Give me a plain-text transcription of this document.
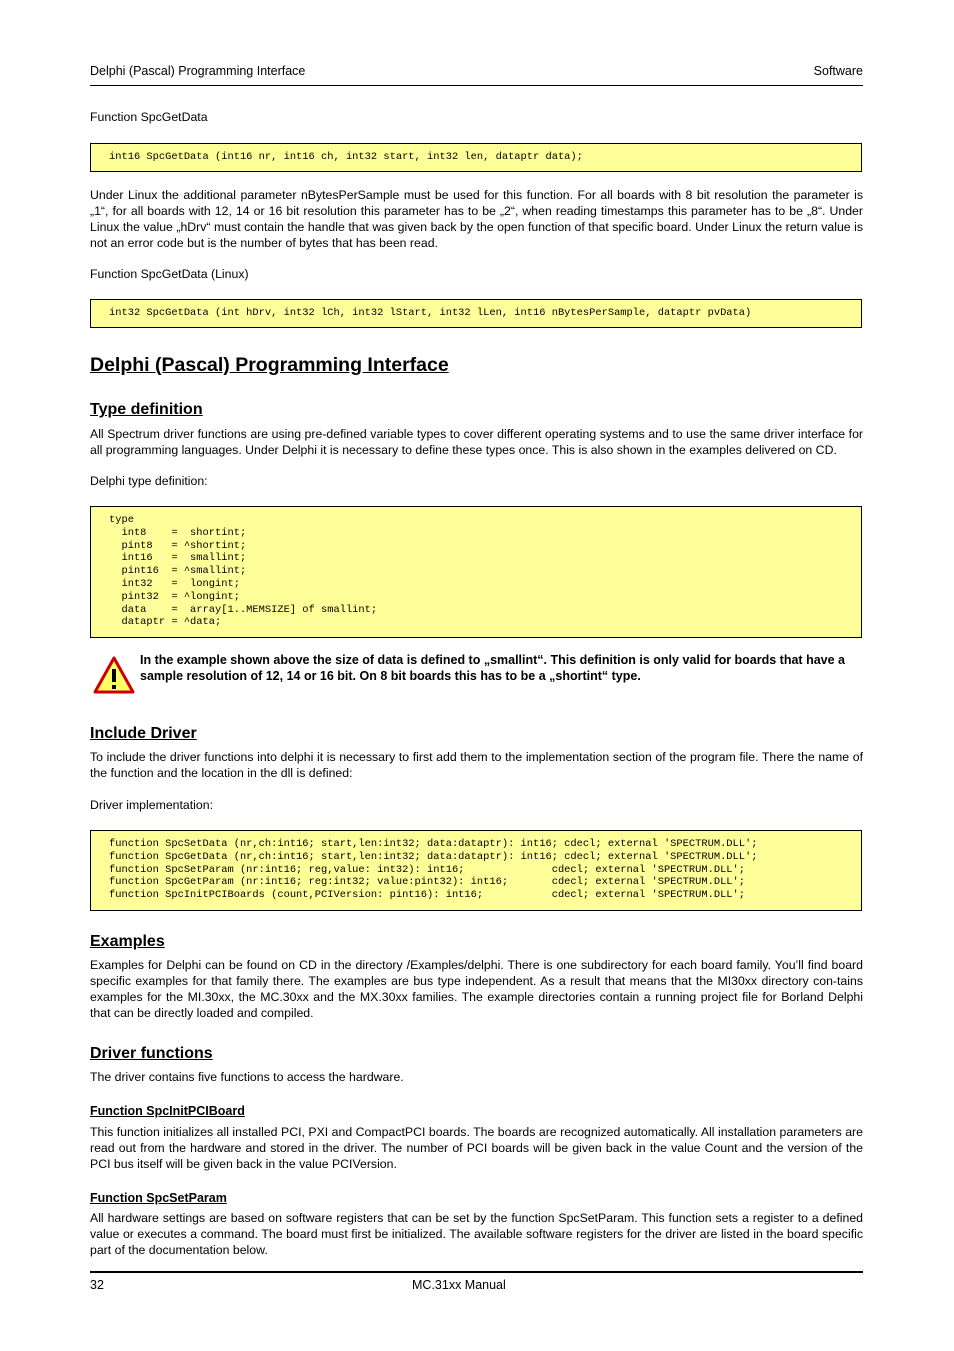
Delphi (Pascal) Programming Interface	Software
Function SpcGetData
int16 SpcGetData (int16 nr, int16 ch, int32 start, int32 len, dataptr data);
Under Linux the additional parameter nBytesPerSample must be used for this function. For all boards with 8 bit resolution the parameter is „1“, for all boards with 12, 14 or 16 bit resolution this parameter has to be „2“, when reading timestamps this parameter has to be „8“. Under Linux the value „hDrv“ must contain the handle that was given back by the open function of that specific board. Under Linux the return value is not an error code but is the number of bytes that has been read.
Function SpcGetData (Linux)
int32 SpcGetData (int hDrv, int32 lCh, int32 lStart, int32 lLen, int16 nBytesPerSample, dataptr pvData)
Delphi (Pascal) Programming Interface
Type definition
All Spectrum driver functions are using pre-defined variable types to cover different operating systems and to use the same driver interface for all programming languages. Under Delphi it is necessary to define these types once. This is also shown in the examples delivered on CD.
Delphi type definition:
type
int8    =  shortint;
pint8   = ^shortint;
int16   =  smallint;
pint16  = ^smallint;
int32   =  longint;
pint32  = ^longint;
data    =  array[1..MEMSIZE] of smallint;
dataptr = ^data;
In the example shown above the size of data is defined to „smallint“. This definition is only valid for boards that have a sample resolution of 12, 14 or 16 bit. On 8 bit boards this has to be a „shortint“ type.
Include Driver
To include the driver functions into delphi it is necessary to first add them to the implementation section of the program file. There the name of the function and the location in the dll is defined:
Driver implementation:
function SpcSetData (nr,ch:int16; start,len:int32; data:dataptr): int16; cdecl; external 'SPECTRUM.DLL';
function SpcGetData (nr,ch:int16; start,len:int32; data:dataptr): int16; cdecl; external 'SPECTRUM.DLL';
function SpcSetParam (nr:int16; reg,value: int32): int16;              cdecl; external 'SPECTRUM.DLL';
function SpcGetParam (nr:int16; reg:int32; value:pint32): int16;       cdecl; external 'SPECTRUM.DLL';
function SpcInitPCIBoards (count,PCIVersion: pint16): int16;           cdecl; external 'SPECTRUM.DLL';
Examples
Examples for Delphi can be found on CD in the directory /Examples/delphi. There is one subdirectory for each board family. You’ll find board specific examples for that family there. The examples are bus type independent. As a result that means that the MI30xx directory con-tains examples for the MI.30xx, the MC.30xx and the MX.30xx families. The example directories contain a running project file for Borland Delphi that can be directly loaded and compiled.
Driver functions
The driver contains five functions to access the hardware.
Function SpcInitPCIBoard
This function initializes all installed PCI, PXI and CompactPCI boards. The boards are recognized automatically. All installation parameters are read out from the hardware and stored in the driver. The number of PCI boards will be given back in the value Count and the version of the PCI bus itself will be given back in the value PCIVersion.
Function SpcSetParam
All hardware settings are based on software registers that can be set by the function SpcSetParam. This function sets a register to a defined value or executes a command. The board must first be initialized. The available software registers for the driver are listed in the board specific part of the documentation below.
32	MC.31xx Manual
